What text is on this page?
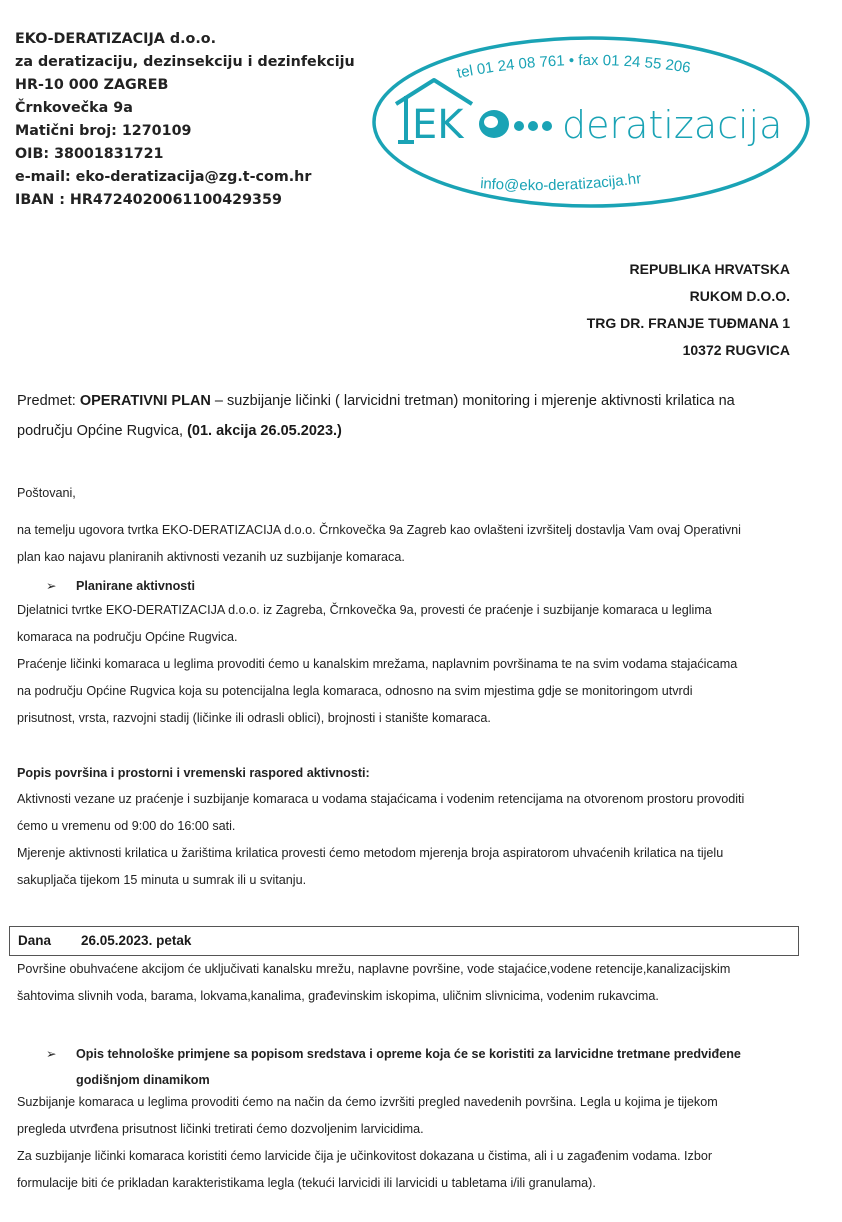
EKO-DERATIZACIJA d.o.o.
za deratizaciju, dezinsekciju i dezinfekciju
HR-10 000 ZAGREB
Črnkovečka 9a
Matični broj: 1270109
OIB: 38001831721
e-mail: eko-deratizacija@zg.t-com.hr
IBAN : HR4724020061100429359
tel 01 24 08 761 • fax 01 24 55 206
EK	deratizacija
info@eko-deratizacija.hr
REPUBLIKA HRVATSKA
RUKOM D.O.O.
TRG DR. FRANJE TUĐMANA 1
10372 RUGVICA
Predmet: OPERATIVNI PLAN – suzbijanje ličinki ( larvicidni tretman) monitoring i mjerenje aktivnosti krilatica na
području Općine Rugvica, (01. akcija 26.05.2023.)
Poštovani,
na temelju ugovora tvrtka EKO-DERATIZACIJA d.o.o. Črnkovečka 9a Zagreb kao ovlašteni izvršitelj dostavlja Vam ovaj Operativni
plan kao najavu planiranih aktivnosti vezanih uz suzbijanje komaraca.
➢ Planirane aktivnosti
Djelatnici tvrtke EKO-DERATIZACIJA d.o.o. iz Zagreba, Črnkovečka 9a, provesti će praćenje i suzbijanje komaraca u leglima
komaraca na području Općine Rugvica.
Praćenje ličinki komaraca u leglima provoditi ćemo u kanalskim mrežama, naplavnim površinama te na svim vodama stajaćicama
na području Općine Rugvica koja su potencijalna legla komaraca, odnosno na svim mjestima gdje se monitoringom utvrdi
prisutnost, vrsta, razvojni stadij (ličinke ili odrasli oblici), brojnosti i stanište komaraca.
Popis površina i prostorni i vremenski raspored aktivnosti:
Aktivnosti vezane uz praćenje i suzbijanje komaraca u vodama stajaćicama i vodenim retencijama na otvorenom prostoru provoditi
ćemo u vremenu od 9:00 do 16:00 sati.
Mjerenje aktivnosti krilatica u žarištima krilatica provesti ćemo metodom mjerenja broja aspiratorom uhvaćenih krilatica na tijelu
sakupljača tijekom 15 minuta u sumrak ili u svitanju.
Dana 26.05.2023. petak
Površine obuhvaćene akcijom će uključivati kanalsku mrežu, naplavne površine, vode stajaćice,vodene retencije,kanalizacijskim
šahtovima slivnih voda, barama, lokvama,kanalima, građevinskim iskopima, uličnim slivnicima, vodenim rukavcima.
➢	Opis tehnološke primjene sa popisom sredstava i opreme koja će se koristiti za larvicidne tretmane predviđene godišnjom dinamikom
Suzbijanje komaraca u leglima provoditi ćemo na način da ćemo izvršiti pregled navedenih površina. Legla u kojima je tijekom
pregleda utvrđena prisutnost ličinki tretirati ćemo dozvoljenim larvicidima.
Za suzbijanje ličinki komaraca koristiti ćemo larvicide čija je učinkovitost dokazana u čistima, ali i u zagađenim vodama. Izbor
formulacije biti će prikladan karakteristikama legla (tekući larvicidi ili larvicidi u tabletama i/ili granulama).
